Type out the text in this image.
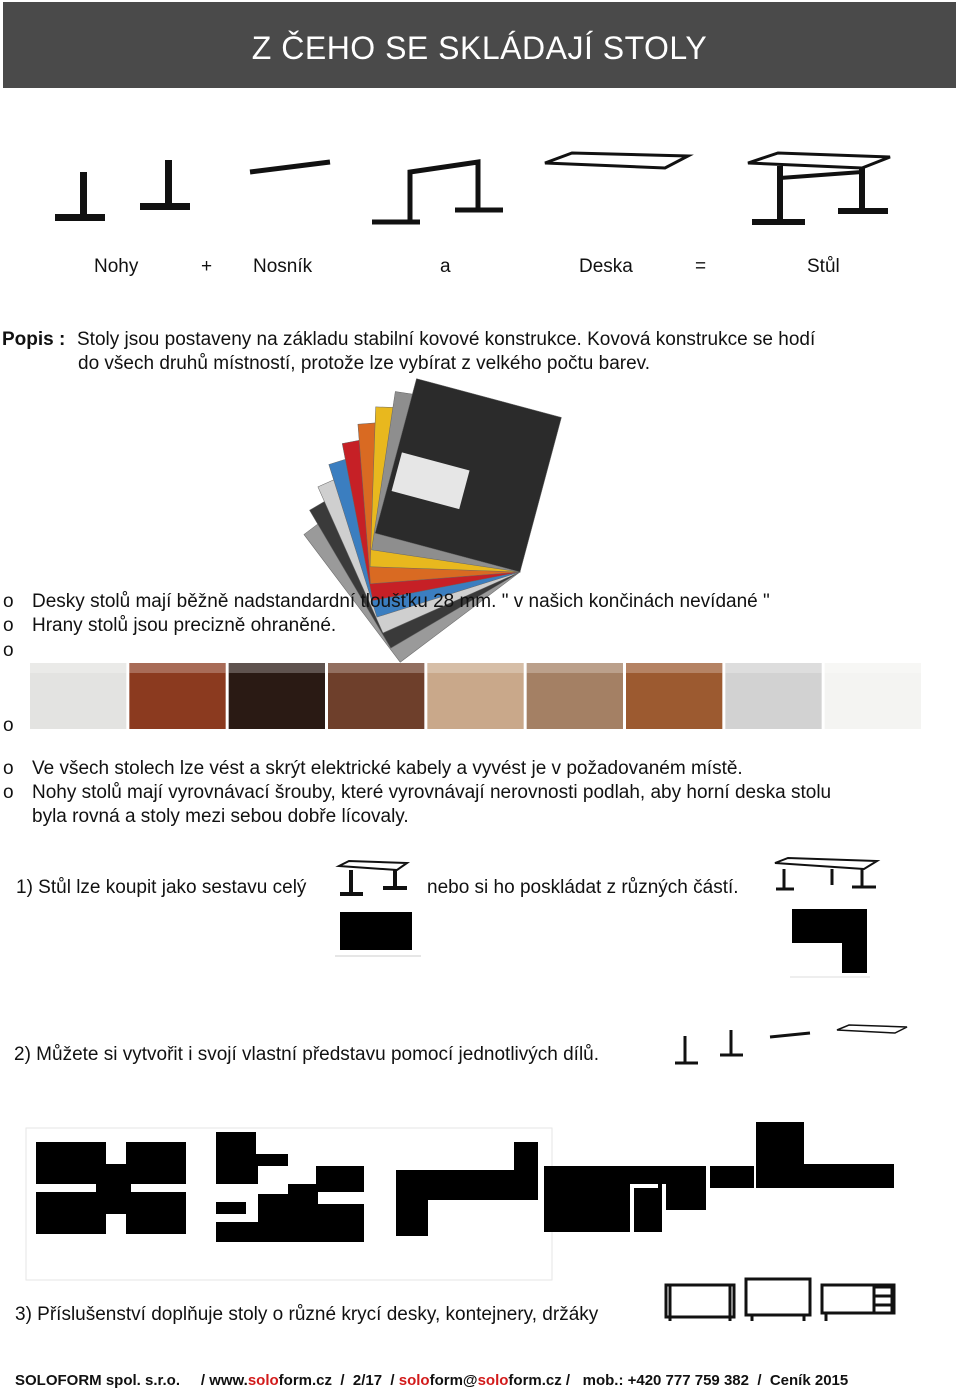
Z ČEHO SE SKLÁDAJÍ STOLY
Nohy	+ Nosník	a	Deska	=	Stůl
Popis : Stoly jsou postaveny na základu stabilní kovové konstrukce. Kovová konstrukce se hodí
do všech druhů místností, protože lze vybírat z velkého počtu barev.
o Desky stolů mají běžně nadstandardní tloušťku 28 mm. " v našich končinách nevídané "
o Hrany stolů jsou precizně ohraněné.
o
o
o Ve všech stolech lze vést a skrýt elektrické kabely a vyvést je v požadovaném místě.
o Nohy stolů mají vyrovnávací šrouby, které vyrovnávají nerovnosti podlah, aby horní deska stolu
byla rovná a stoly mezi sebou dobře lícovaly.
1) Stůl lze koupit jako sestavu celý	nebo si ho poskládat z různých částí.
2) Můžete si vytvořit i svojí vlastní představu pomocí jednotlivých dílů.
3) Příslušenství doplňuje stoly o různé krycí desky, kontejnery, držáky
SOLOFORM spol. s.r.o. / www.soloform.cz / 2/17 / soloform@soloform.cz / mob.: +420 777 759 382 / Ceník 2015
